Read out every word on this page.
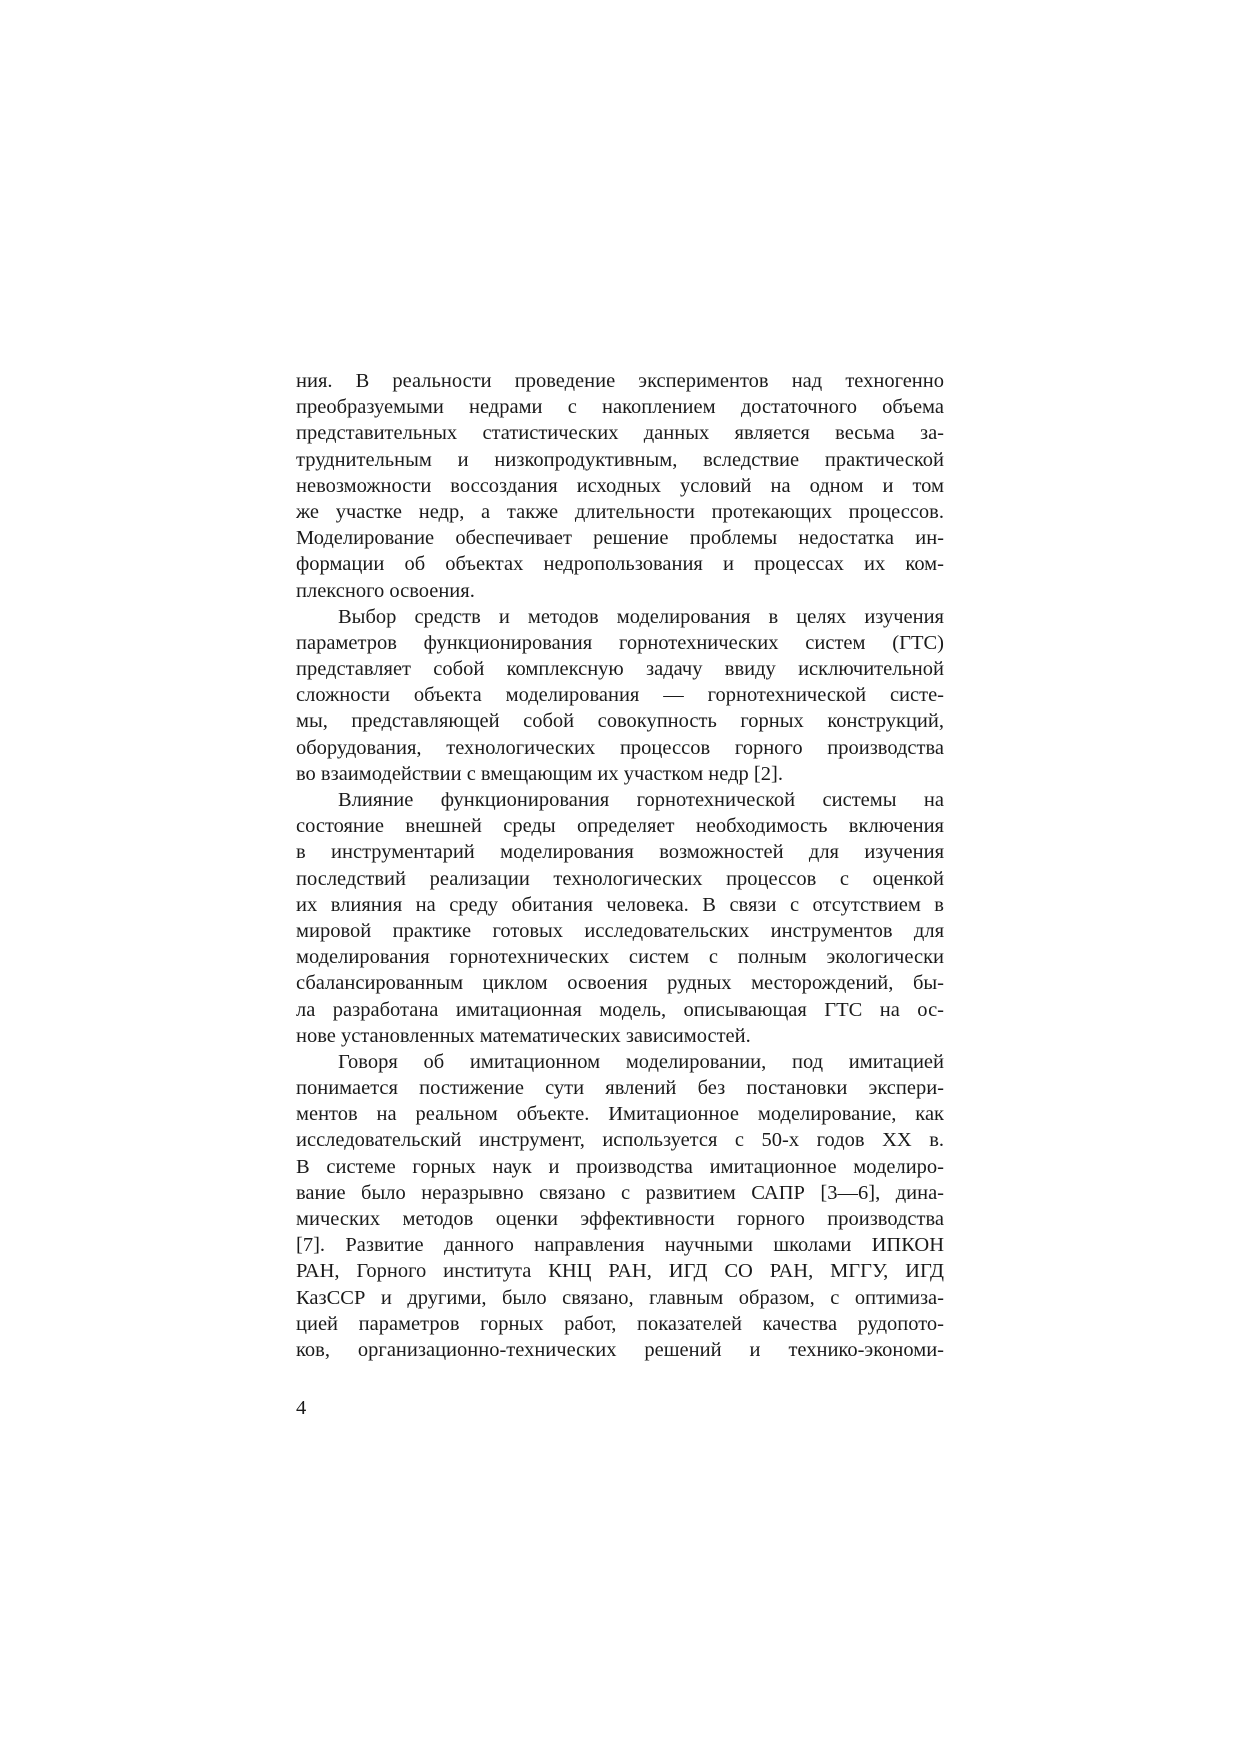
ния. В реальности проведение экспериментов над техногенно
преобразуемыми недрами с накоплением достаточного объема
представительных статистических данных является весьма за-
труднительным и низкопродуктивным, вследствие практической
невозможности воссоздания исходных условий на одном и том
же участке недр, а также длительности протекающих процессов.
Моделирование обеспечивает решение проблемы недостатка ин-
формации об объектах недропользования и процессах их ком-
плексного освоения.

Выбор средств и методов моделирования в целях изучения
параметров функционирования горнотехнических систем (ГТС)
представляет собой комплексную задачу ввиду исключительной
сложности объекта моделирования — горнотехнической систе-
мы, представляющей собой совокупность горных конструкций,
оборудования, технологических процессов горного производства
во взаимодействии с вмещающим их участком недр [2].

Влияние функционирования горнотехнической системы на
состояние внешней среды определяет необходимость включения
в инструментарий моделирования возможностей для изучения
последствий реализации технологических процессов с оценкой
их влияния на среду обитания человека. В связи с отсутствием в
мировой практике готовых исследовательских инструментов для
моделирования горнотехнических систем с полным экологически
сбалансированным циклом освоения рудных месторождений, бы-
ла разработана имитационная модель, описывающая ГТС на ос-
нове установленных математических зависимостей.

Говоря об имитационном моделировании, под имитацией
понимается постижение сути явлений без постановки экспери-
ментов на реальном объекте. Имитационное моделирование, как
исследовательский инструмент, используется с 50-х годов XX в.
В системе горных наук и производства имитационное моделиро-
вание было неразрывно связано с развитием САПР [3—6], дина-
мических методов оценки эффективности горного производства
[7]. Развитие данного направления научными школами ИПКОН
РАН, Горного института КНЦ РАН, ИГД СО РАН, МГГУ, ИГД
КазССР и другими, было связано, главным образом, с оптимиза-
цией параметров горных работ, показателей качества рудопото-
ков, организационно-технических решений и технико-экономи-

4
